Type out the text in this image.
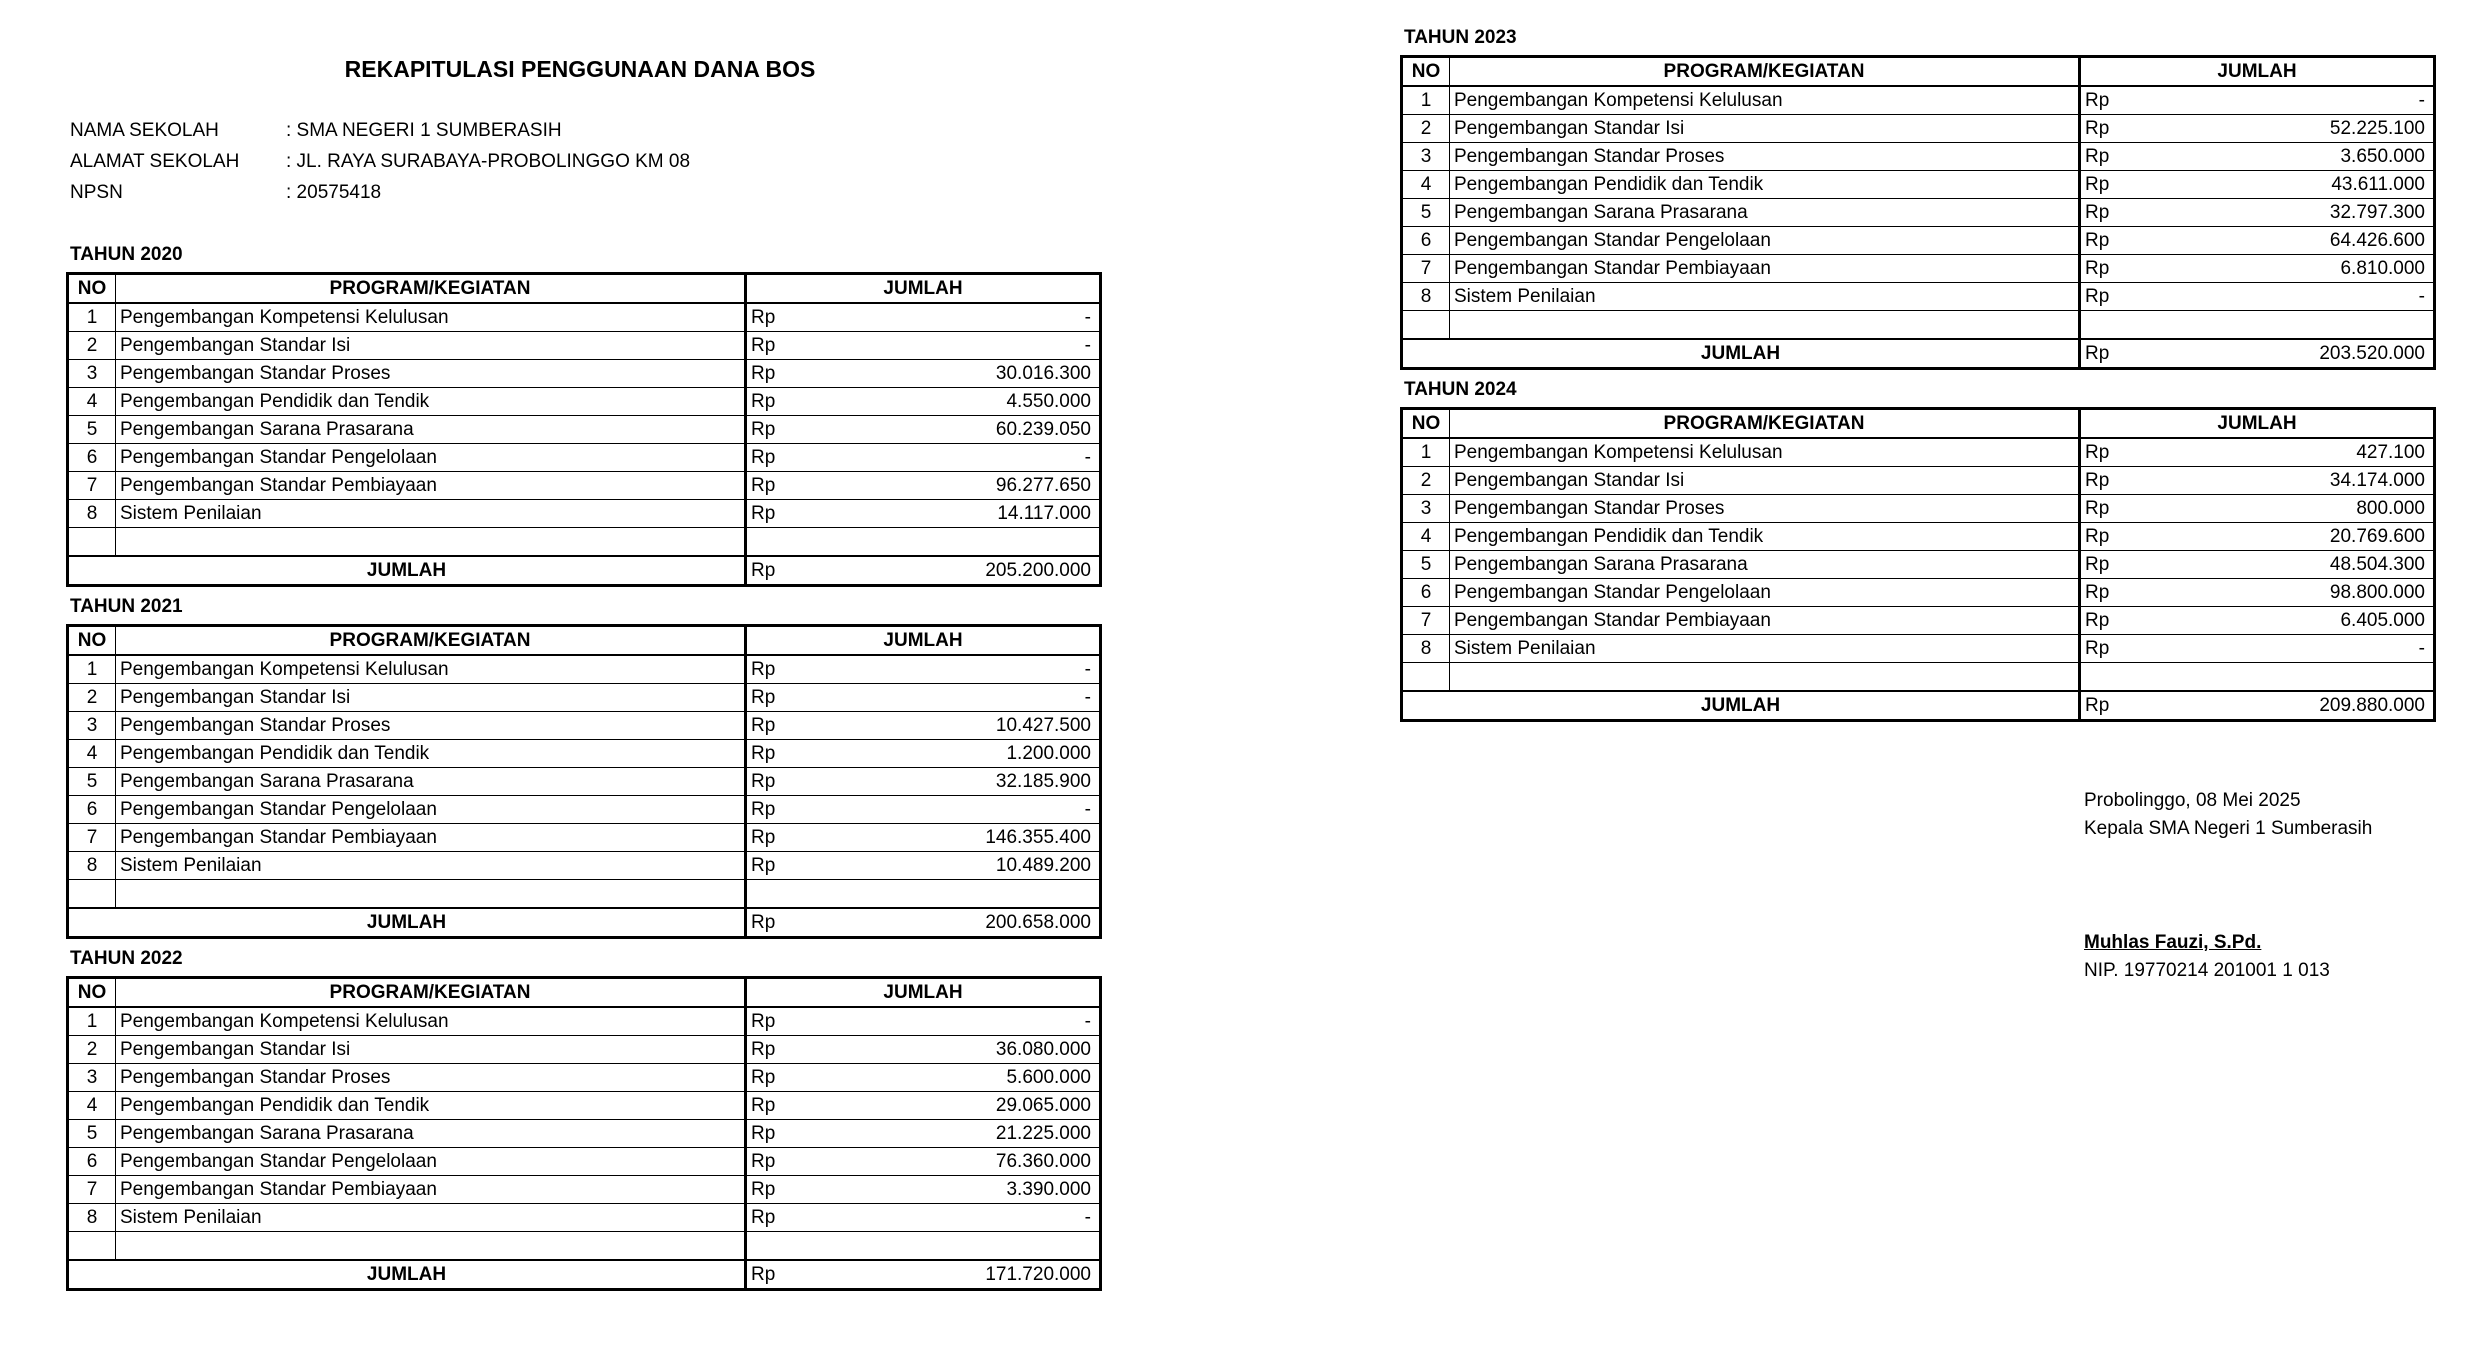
REKAPITULASI PENGGUNAAN DANA BOS
NAMA SEKOLAH	: SMA NEGERI 1 SUMBERASIH
ALAMAT SEKOLAH : JL. RAYA SURABAYA-PROBOLINGGO KM 08
NPSN	: 20575418
TAHUN 2020
NO	PROGRAM/KEGIATAN	JUMLAH	
1	Pengembangan Kompetensi Kelulusan	Rp	-
2	Pengembangan Standar Isi	Rp	-
3	Pengembangan Standar Proses	Rp	30.016.300
4	Pengembangan Pendidik dan Tendik	Rp	4.550.000
5	Pengembangan Sarana Prasarana	Rp	60.239.050
6	Pengembangan Standar Pengelolaan	Rp	-
7	Pengembangan Standar Pembiayaan	Rp	96.277.650
8	Sistem Penilaian	Rp	14.117.000

JUMLAH		Rp	205.200.000
TAHUN 2021
NO	PROGRAM/KEGIATAN	JUMLAH	
1	Pengembangan Kompetensi Kelulusan	Rp	-
2	Pengembangan Standar Isi	Rp	-
3	Pengembangan Standar Proses	Rp	10.427.500
4	Pengembangan Pendidik dan Tendik	Rp	1.200.000
5	Pengembangan Sarana Prasarana	Rp	32.185.900
6	Pengembangan Standar Pengelolaan	Rp	-
7	Pengembangan Standar Pembiayaan	Rp	146.355.400
8	Sistem Penilaian	Rp	10.489.200

JUMLAH		Rp	200.658.000
TAHUN 2022
NO	PROGRAM/KEGIATAN	JUMLAH	
1	Pengembangan Kompetensi Kelulusan	Rp	-
2	Pengembangan Standar Isi	Rp	36.080.000
3	Pengembangan Standar Proses	Rp	5.600.000
4	Pengembangan Pendidik dan Tendik	Rp	29.065.000
5	Pengembangan Sarana Prasarana	Rp	21.225.000
6	Pengembangan Standar Pengelolaan	Rp	76.360.000
7	Pengembangan Standar Pembiayaan	Rp	3.390.000
8	Sistem Penilaian	Rp	-

JUMLAH		Rp	171.720.000
TAHUN 2023
NO	PROGRAM/KEGIATAN	JUMLAH	
1	Pengembangan Kompetensi Kelulusan	Rp	-
2	Pengembangan Standar Isi	Rp	52.225.100
3	Pengembangan Standar Proses	Rp	3.650.000
4	Pengembangan Pendidik dan Tendik	Rp	43.611.000
5	Pengembangan Sarana Prasarana	Rp	32.797.300
6	Pengembangan Standar Pengelolaan	Rp	64.426.600
7	Pengembangan Standar Pembiayaan	Rp	6.810.000
8	Sistem Penilaian	Rp	-

JUMLAH		Rp	203.520.000
TAHUN 2024
NO	PROGRAM/KEGIATAN	JUMLAH	
1	Pengembangan Kompetensi Kelulusan	Rp	427.100
2	Pengembangan Standar Isi	Rp	34.174.000
3	Pengembangan Standar Proses	Rp	800.000
4	Pengembangan Pendidik dan Tendik	Rp	20.769.600
5	Pengembangan Sarana Prasarana	Rp	48.504.300
6	Pengembangan Standar Pengelolaan	Rp	98.800.000
7	Pengembangan Standar Pembiayaan	Rp	6.405.000
8	Sistem Penilaian	Rp	-

JUMLAH		Rp	209.880.000
Probolinggo, 08 Mei 2025
Kepala SMA Negeri 1 Sumberasih
Muhlas Fauzi, S.Pd.
NIP. 19770214 201001 1 013
